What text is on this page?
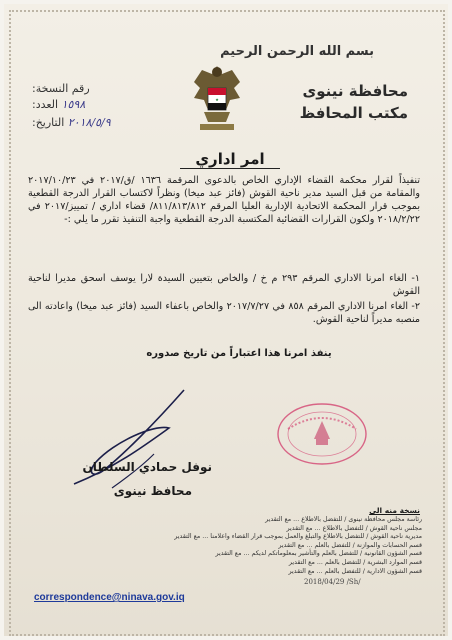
بسم الله الرحمن الرحيم
★	محافظة نينوى
مكتب المحافظ
رقم النسخة:
العدد: ١٥٩٨
التاريخ: ٢٠١٨/٥/٩
امر اداري
تنفيذاً لقرار محكمة القضاء الإداري الخاص بالدعوى المرقمة ١٦٣٦ /ق/٢٠١٧ في ٢٠١٧/١٠/٢٣ والمقامة من قبل السيد مدير ناحية القوش (فائز عبد ميخا) ونظراً لاكتساب القرار الدرجة القطعية بموجب قرار المحكمة الاتحادية الإدارية العليا المرقم ٨١١/٨١٣/٨١٢/ قضاء اداري / تمييز/٢٠١٧ في ٢٠١٨/٢/٢٢ ولكون القرارات القضائية المكتسبة الدرجة القطعية واجبة التنفيذ تقرر ما يلي :-
١- الغاء امرنا الاداري المرقم ٢٩٣ م خ / والخاص بتعيين السيدة لارا يوسف اسحق مديرا لناحية القوش
٢- الغاء امرنا الاداري المرقم ٨٥٨ في ٢٠١٧/٧/٢٧ والخاص باعفاء السيد (فائز عبد ميخا) واعادته الى منصبه مديراً لناحية القوش.
ينفذ امرنا هذا اعتباراً من تاريخ صدوره
نوفل حمادي السلطان
محافظ نينوى
نسخة منه الى
رئاسة مجلس محافظة نينوى / للتفضل بالاطلاع ... مع التقدير
مجلس ناحية القوش / للتفضل بالاطلاع ... مع التقدير
مديرية ناحية القوش / للتفضل بالاطلاع والتبلغ والعمل بموجب قرار القضاء واعلامنا ... مع التقدير
قسم الحسابات والموازنة / للتفضل بالعلم ... مع التقدير
قسم الشؤون القانونية / للتفضل بالعلم والتأشير بمعلوماتكم لديكم ... مع التقدير
قسم الموارد البشرية / للتفضل بالعلم ... مع التقدير
قسم الشؤون الادارية / للتفضل بالعلم ... مع التقدير
2018/04/29 /Sh/
correspondence@ninava.gov.iq
